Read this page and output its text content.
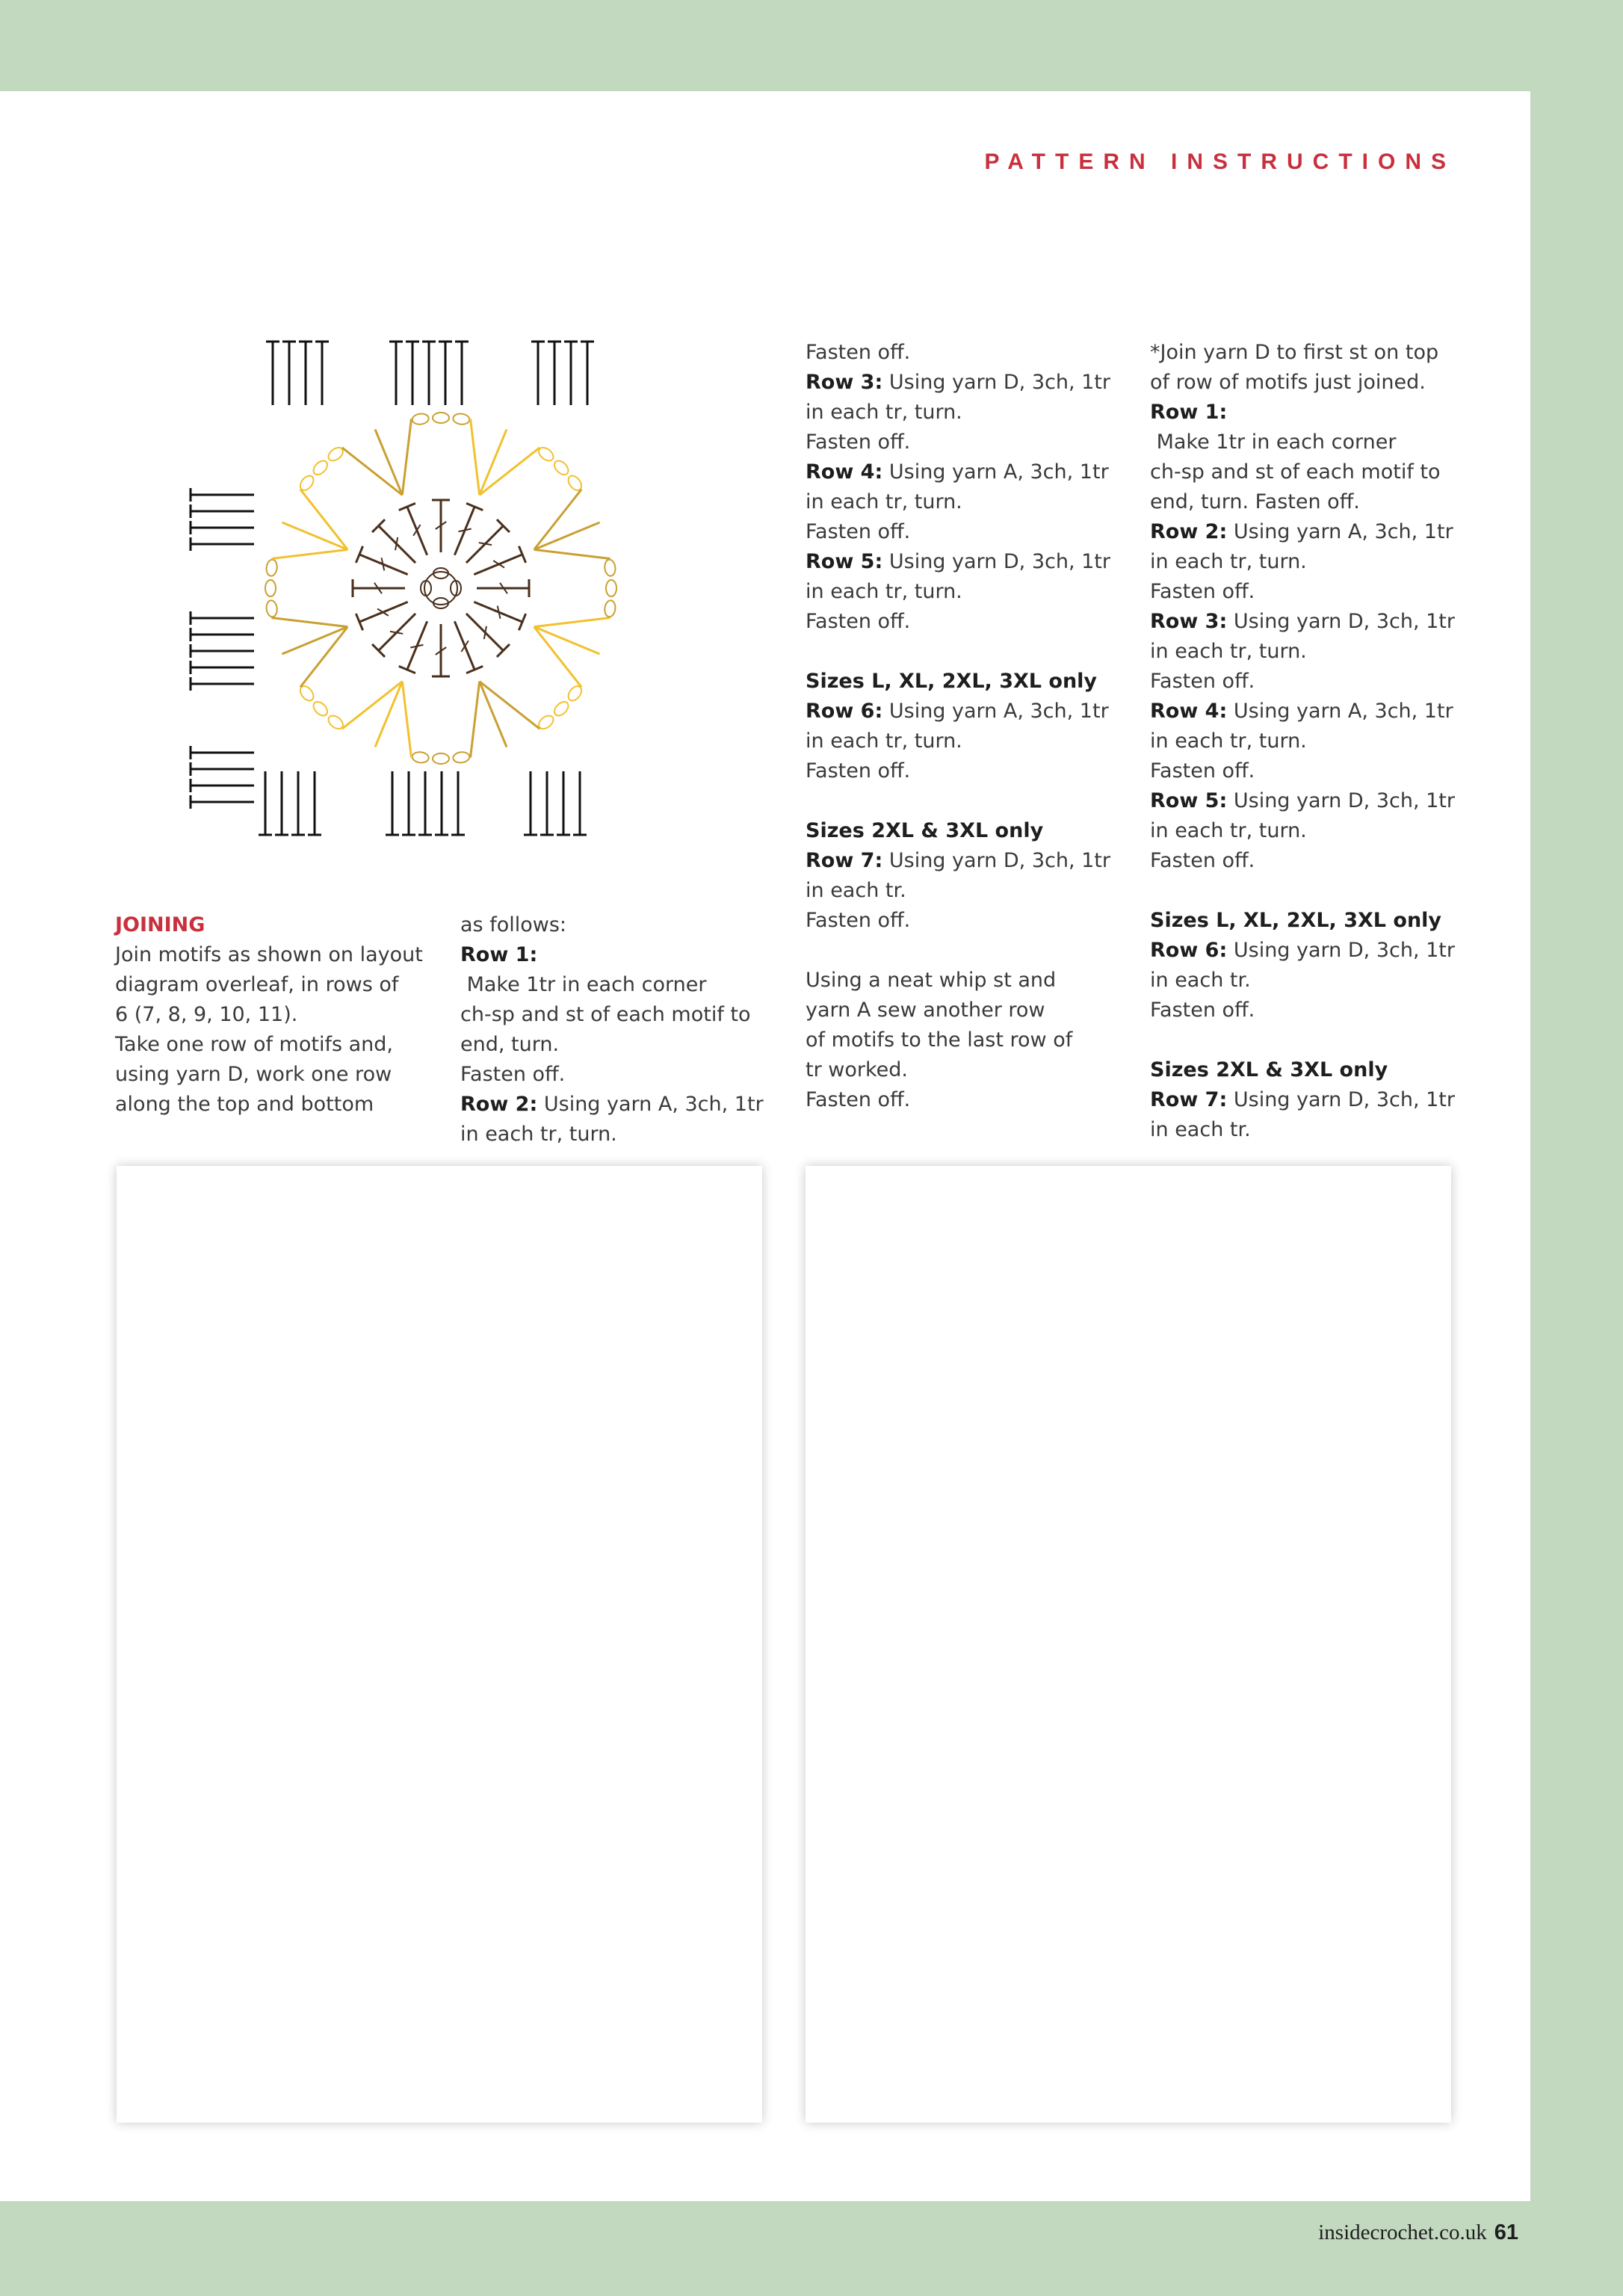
PATTERN INSTRUCTIONS

JOINING

Join motifs as shown on layout

diagram overleaf, in rows of

6 (7, 8, 9, 10, 11).

Take one row of motifs and,

using yarn D, work one row

along the top and bottom

as follows:

Row 1: Make 1tr in each corner

ch-sp and st of each motif to

end, turn.

Fasten off.

Row 2: Using yarn A, 3ch, 1tr

in each tr, turn.

Fasten off.

Row 3: Using yarn D, 3ch, 1tr

in each tr, turn.

Fasten off.

Row 4: Using yarn A, 3ch, 1tr

in each tr, turn.

Fasten off.

Row 5: Using yarn D, 3ch, 1tr

in each tr, turn.

Fasten off.

Sizes L, XL, 2XL, 3XL only

Row 6: Using yarn A, 3ch, 1tr

in each tr, turn.

Fasten off.

Sizes 2XL & 3XL only

Row 7: Using yarn D, 3ch, 1tr

in each tr.

Fasten off.

Using a neat whip st and

yarn A sew another row

of motifs to the last row of

tr worked.

Fasten off.

*Join yarn D to first st on top

of row of motifs just joined.

Row 1: Make 1tr in each corner

ch-sp and st of each motif to

end, turn. Fasten off.

Row 2: Using yarn A, 3ch, 1tr

in each tr, turn.

Fasten off.

Row 3: Using yarn D, 3ch, 1tr

in each tr, turn.

Fasten off.

Row 4: Using yarn A, 3ch, 1tr

in each tr, turn.

Fasten off.

Row 5: Using yarn D, 3ch, 1tr

in each tr, turn.

Fasten off.

Sizes L, XL, 2XL, 3XL only

Row 6: Using yarn D, 3ch, 1tr

in each tr.

Fasten off.

Sizes 2XL & 3XL only

Row 7: Using yarn D, 3ch, 1tr

in each tr.

insidecrochet.co.uk 61
